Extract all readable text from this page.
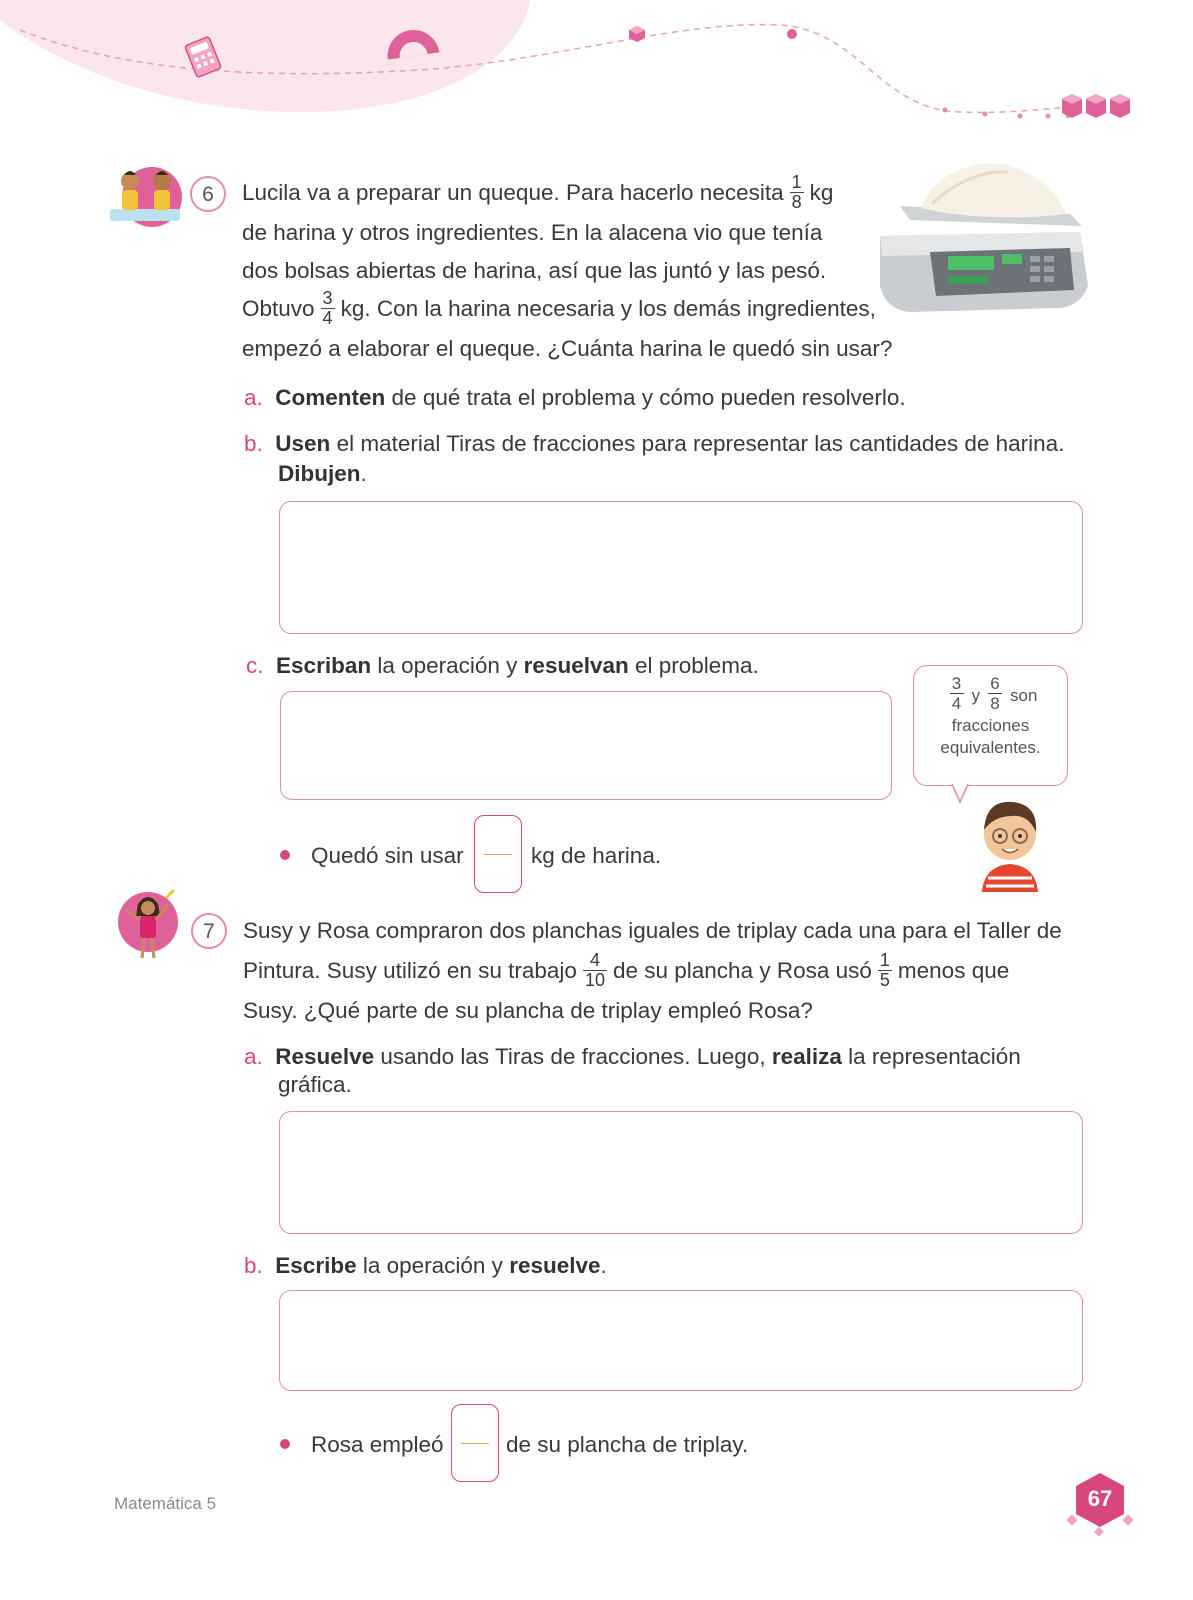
6	Lucila va a preparar un queque. Para hacerlo necesita $\frac{1}{8}$ kg
de harina y otros ingredientes. En la alacena vio que tenía
dos bolsas abiertas de harina, así que las juntó y las pesó.
Obtuvo $\frac{3}{4}$ kg. Con la harina necesaria y los demás ingredientes,
empezó a elaborar el queque. ¿Cuánta harina le quedó sin usar?
a. Comenten de qué trata el problema y cómo pueden resolverlo.
b. Usen el material Tiras de fracciones para representar las cantidades de harina.
Dibujen.
c. Escriban la operación y resuelvan el problema.
$\frac{3}{4}$ y $\frac{6}{8}$ son
fracciones
equivalentes.
Quedó sin usar	kg de harina.
7	Susy y Rosa compraron dos planchas iguales de triplay cada una para el Taller de
Pintura. Susy utilizó en su trabajo $\frac{4}{10}$ de su plancha y Rosa usó $\frac{1}{5}$ menos que
Susy. ¿Qué parte de su plancha de triplay empleó Rosa?
a. Resuelve usando las Tiras de fracciones. Luego, realiza la representación
gráfica.
b. Escribe la operación y resuelve.
Rosa empleó	de su plancha de triplay.
Matemática 5	67
